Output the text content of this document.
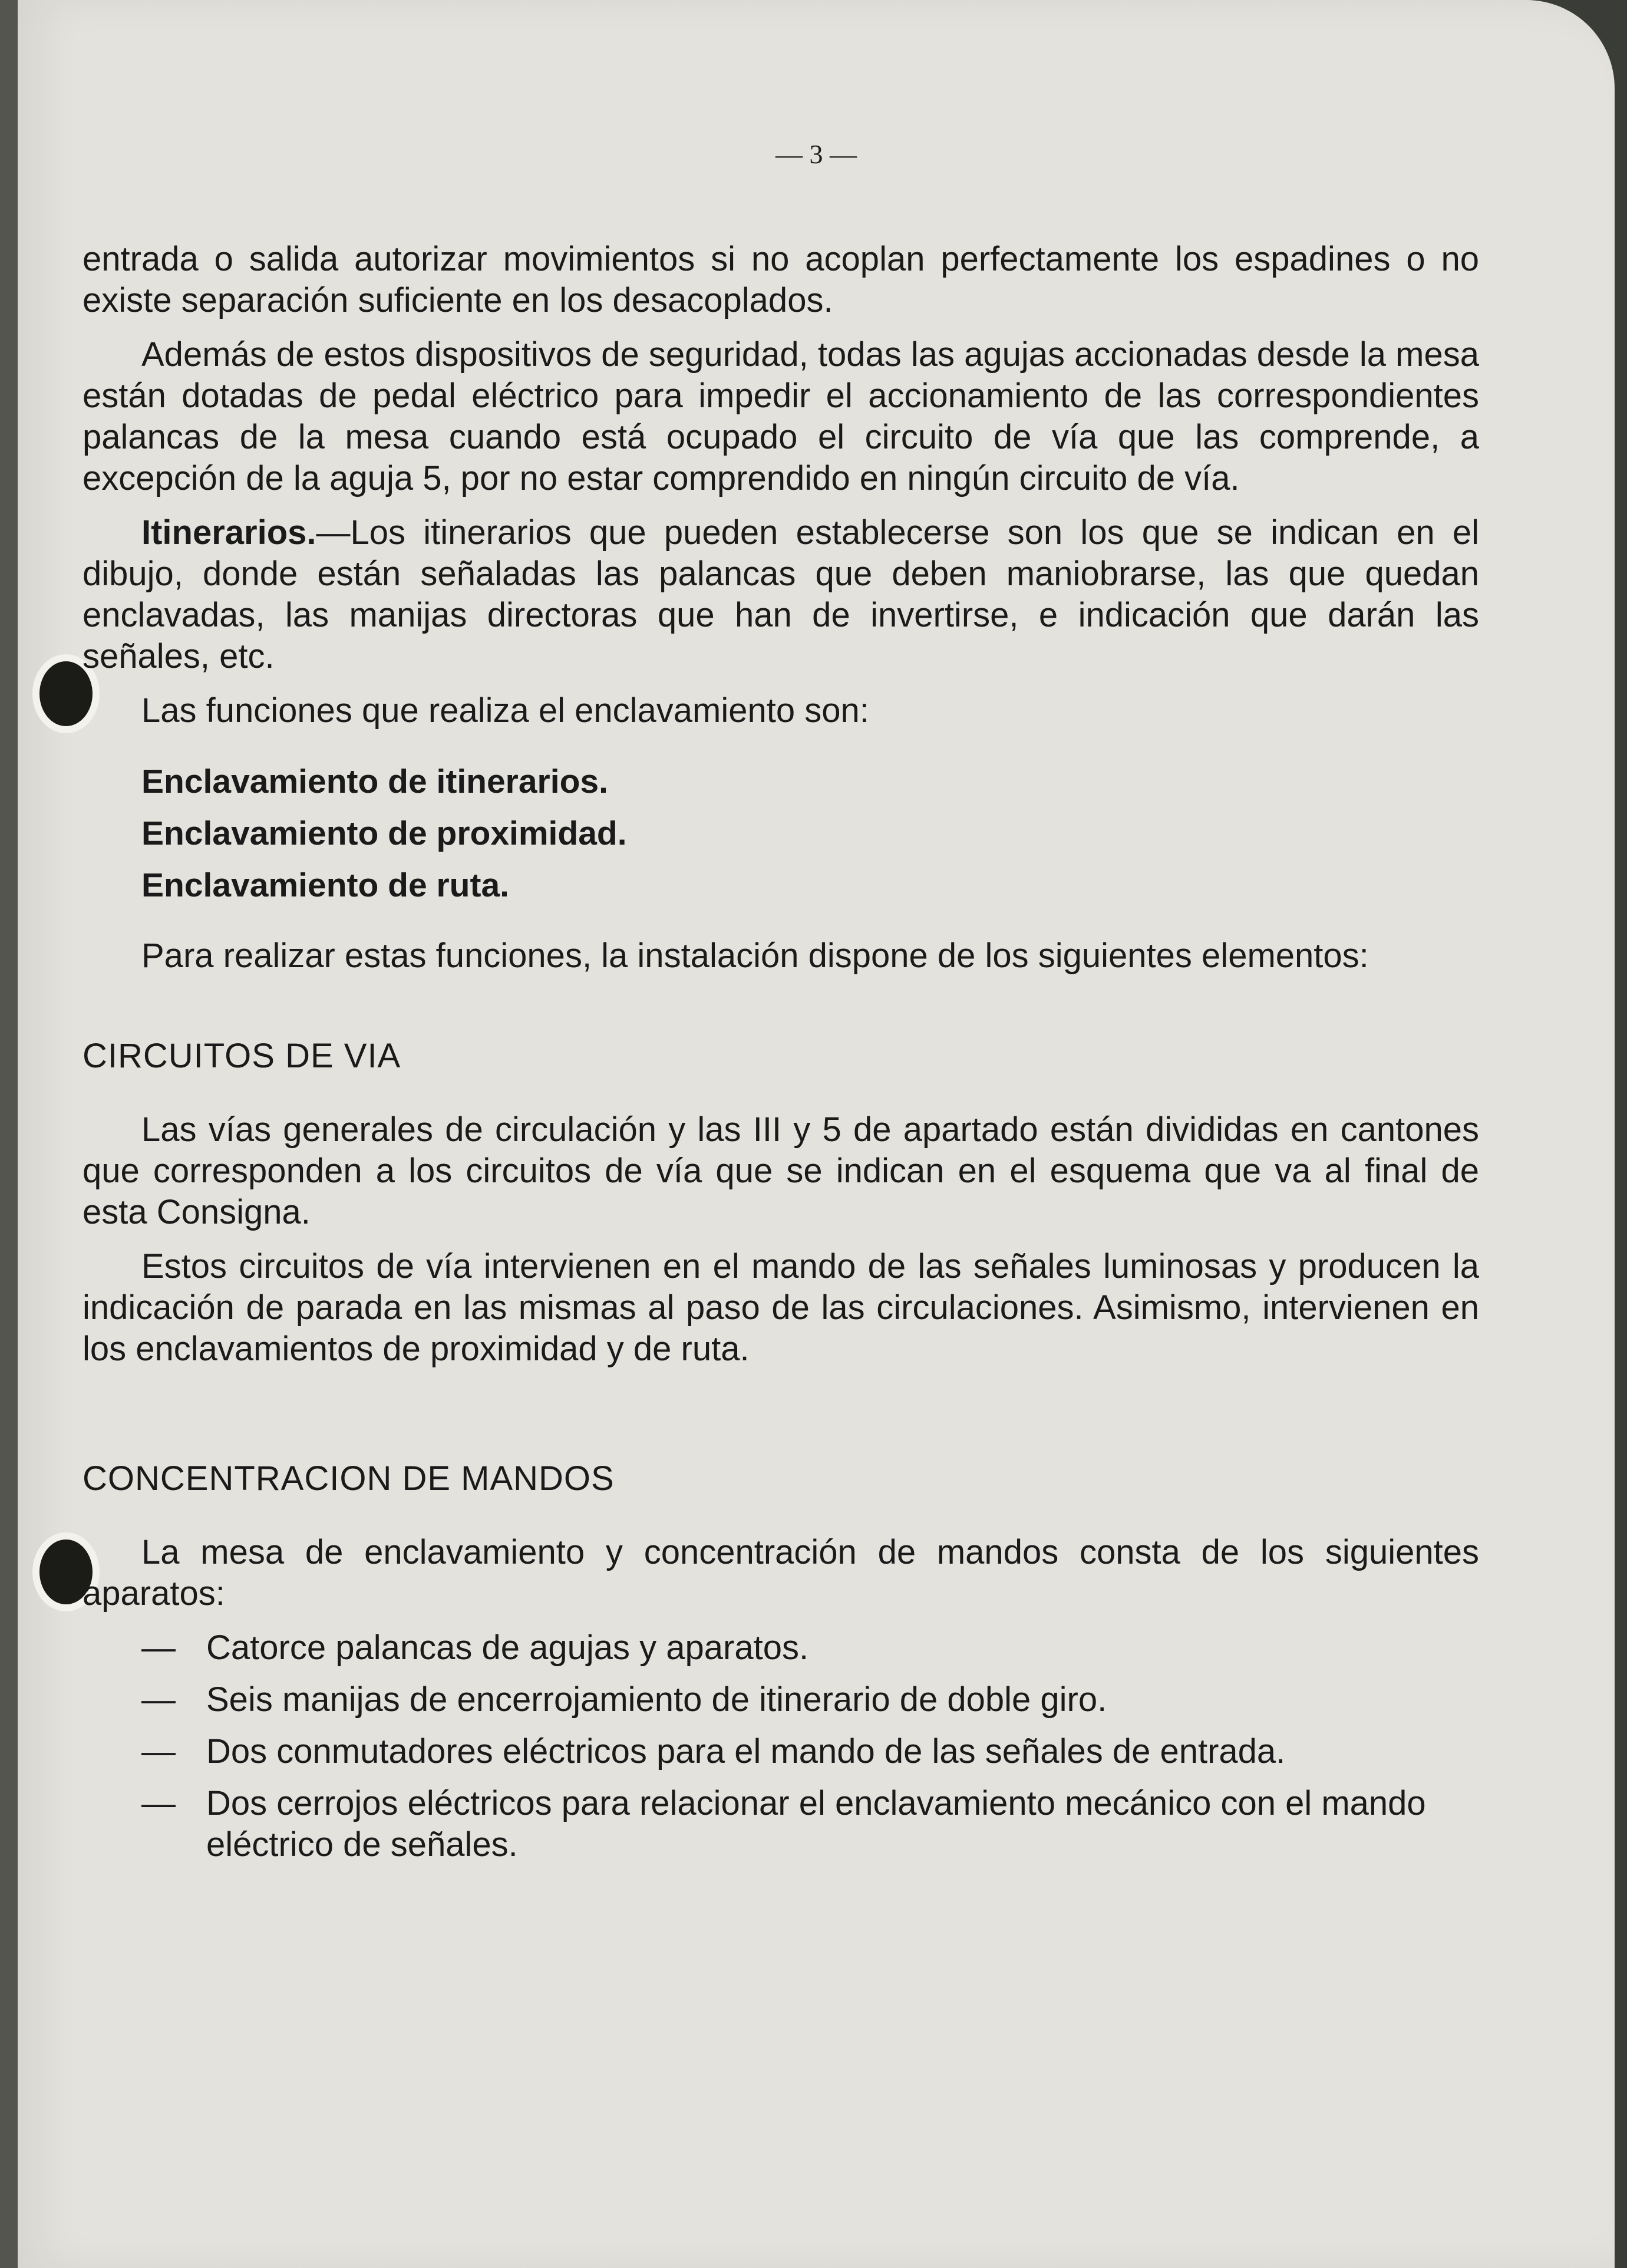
— 3 —

entrada o salida autorizar movimientos si no acoplan perfectamente los espadines o no existe separación suficiente en los desacoplados.

Además de estos dispositivos de seguridad, todas las agujas accionadas desde la mesa están dotadas de pedal eléctrico para impedir el accionamiento de las correspondientes palancas de la mesa cuando está ocupado el circuito de vía que las comprende, a excepción de la aguja 5, por no estar comprendido en ningún circuito de vía.

Itinerarios.—Los itinerarios que pueden establecerse son los que se indican en el dibujo, donde están señaladas las palancas que deben maniobrarse, las que quedan enclavadas, las manijas directoras que han de invertirse, e indicación que darán las señales, etc.

Las funciones que realiza el enclavamiento son:

Enclavamiento de itinerarios.
Enclavamiento de proximidad.
Enclavamiento de ruta.

Para realizar estas funciones, la instalación dispone de los siguientes elementos:

CIRCUITOS DE VIA

Las vías generales de circulación y las III y 5 de apartado están divididas en cantones que corresponden a los circuitos de vía que se indican en el esquema que va al final de esta Consigna.

Estos circuitos de vía intervienen en el mando de las señales luminosas y producen la indicación de parada en las mismas al paso de las circulaciones. Asimismo, intervienen en los enclavamientos de proximidad y de ruta.

CONCENTRACION DE MANDOS

La mesa de enclavamiento y concentración de mandos consta de los siguientes aparatos:

— Catorce palancas de agujas y aparatos.
— Seis manijas de encerrojamiento de itinerario de doble giro.
— Dos conmutadores eléctricos para el mando de las señales de entrada.
— Dos cerrojos eléctricos para relacionar el enclavamiento mecánico con el mando eléctrico de señales.
